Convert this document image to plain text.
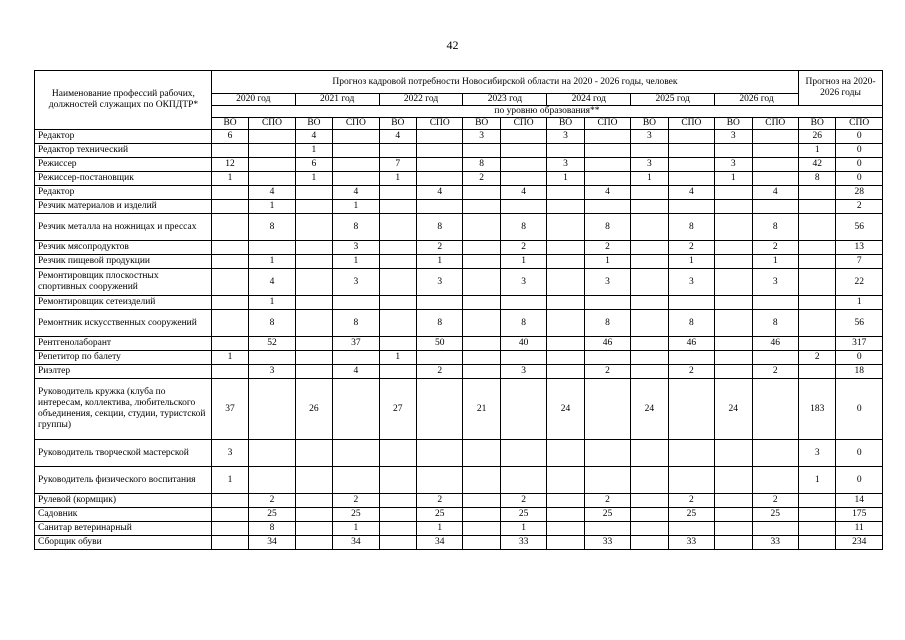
42
Наименование профессий рабочих, должностей служащих по ОКПДТР*	Прогноз кадровой потребности Новосибирской области на 2020 - 2026 годы, человек														Прогноз на 2020-2026 годы	
	2020 год		2021 год		2022 год		2023 год		2024 год		2025 год		2026 год			
	по уровню образования**															
	ВО	СПО	ВО	СПО	ВО	СПО	ВО	СПО	ВО	СПО	ВО	СПО	ВО	СПО	ВО	СПО
Редактор	6		4		4		3		3		3		3		26	0
Редактор технический			1												1	0
Режиссер	12		6		7		8		3		3		3		42	0
Режиссер-постановщик	1		1		1		2		1		1		1		8	0
Редактор		4		4		4		4		4		4		4		28
Резчик материалов и изделий		1		1												2
Резчик металла на ножницах и прессах		8		8		8		8		8		8		8		56
Резчик мясопродуктов				3		2		2		2		2		2		13
Резчик пищевой продукции		1		1		1		1		1		1		1		7
Ремонтировщик плоскостных спортивных сооружений		4		3		3		3		3		3		3		22
Ремонтировщик сетеизделий		1														1
Ремонтник искусственных сооружений		8		8		8		8		8		8		8		56
Рентгенолаборант		52		37		50		40		46		46		46		317
Репетитор по балету	1				1										2	0
Риэлтер		3		4		2		3		2		2		2		18
Руководитель кружка (клуба по интересам, коллектива, любительского объединения, секции, студии, туристской группы)	37		26		27		21		24		24		24		183	0
Руководитель творческой мастерской	3														3	0
Руководитель физического воспитания	1														1	0
Рулевой (кормщик)		2		2		2		2		2		2		2		14
Садовник		25		25		25		25		25		25		25		175
Санитар ветеринарный		8		1		1		1								11
Сборщик обуви		34		34		34		33		33		33		33		234
